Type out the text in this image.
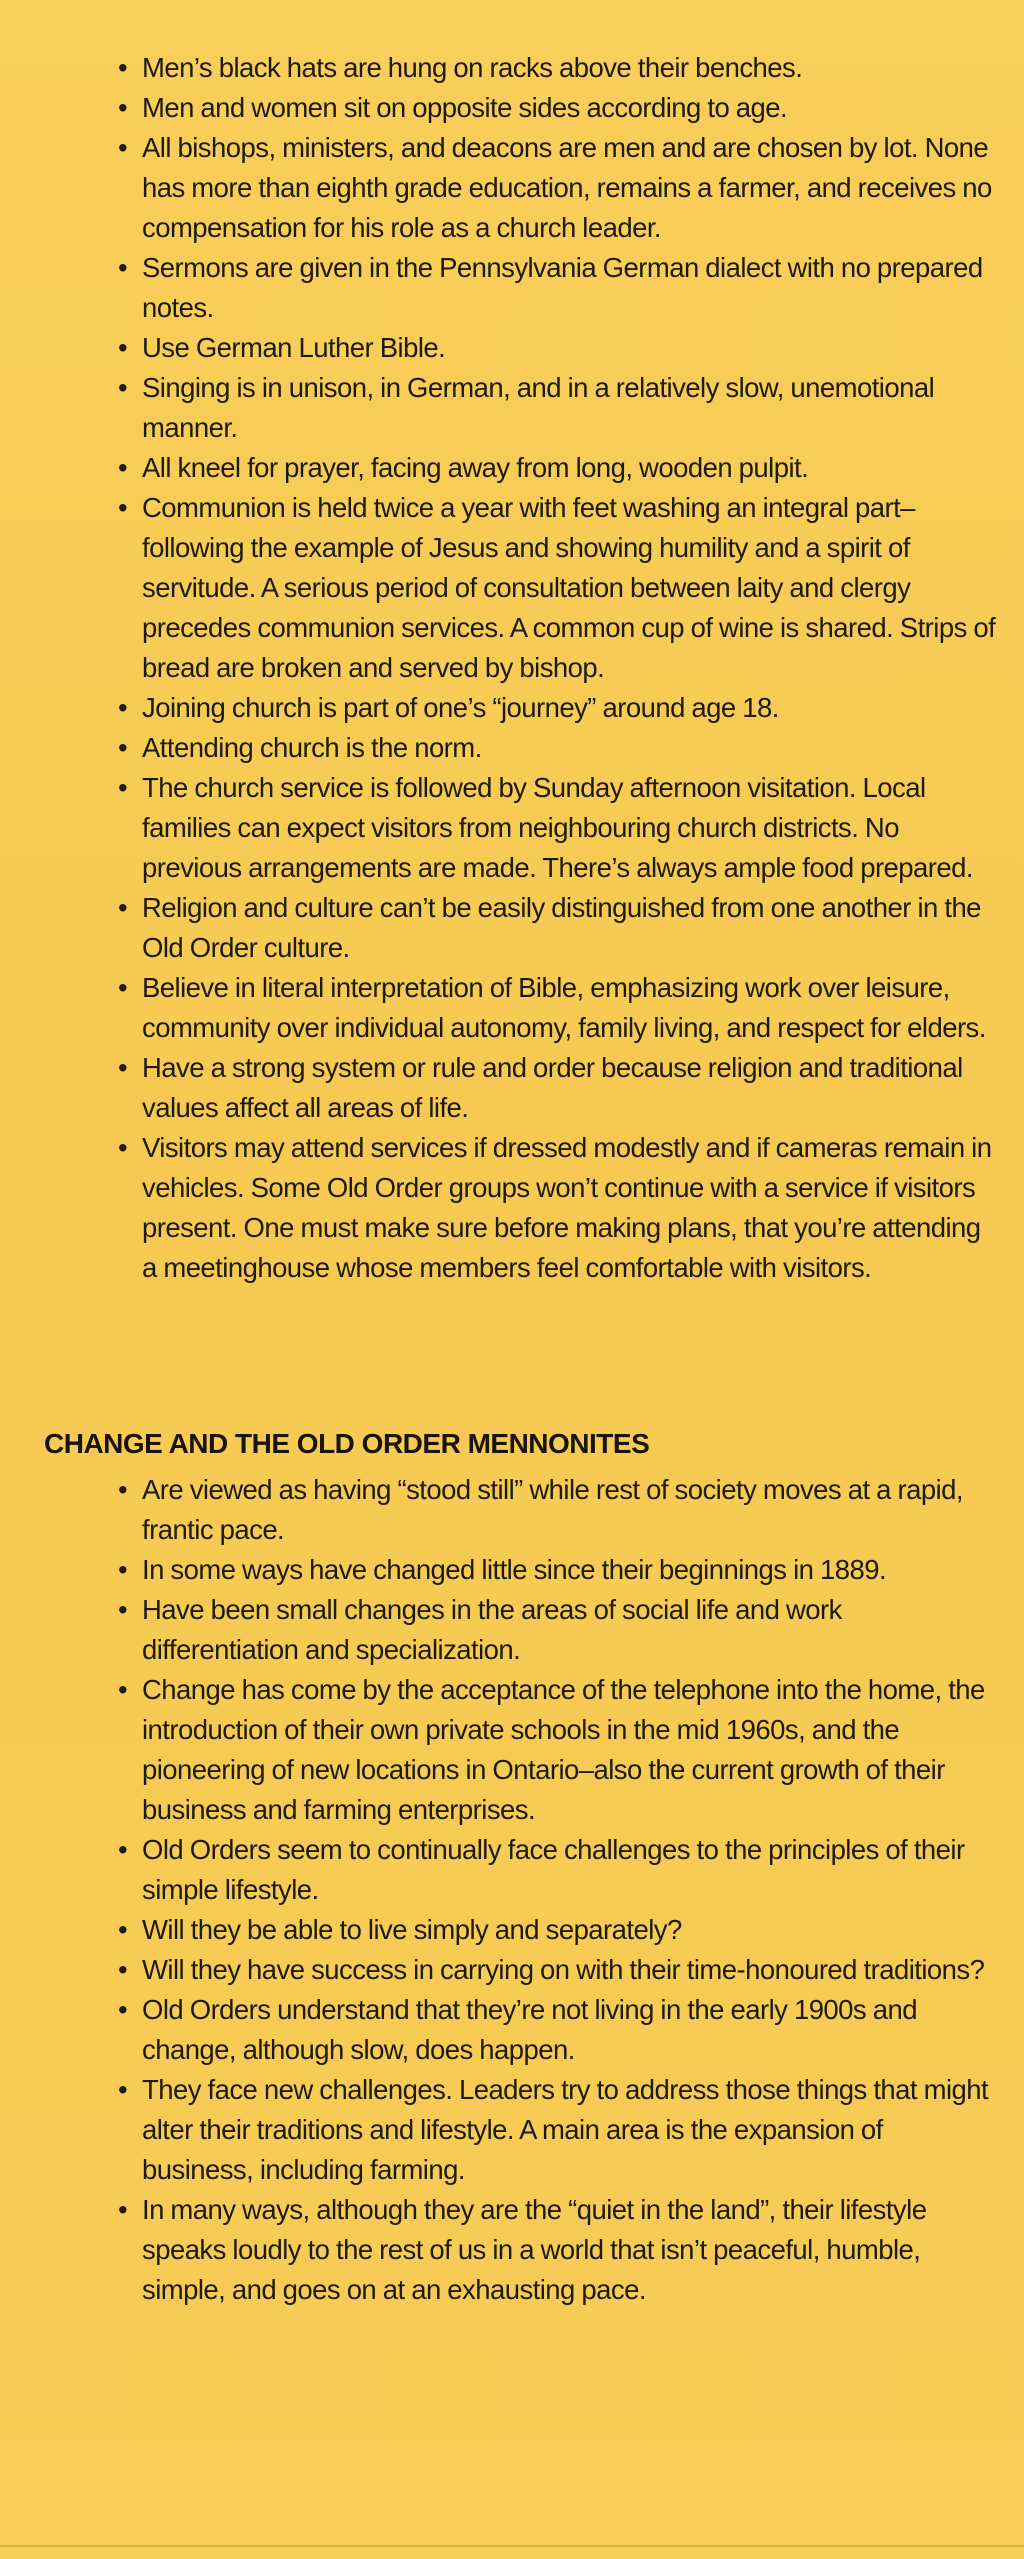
• Men’s black hats are hung on racks above their benches.
• Men and women sit on opposite sides according to age.
• All bishops, ministers, and deacons are men and are chosen by lot. None has more than eighth grade education, remains a farmer, and receives no compensation for his role as a church leader.
• Sermons are given in the Pennsylvania German dialect with no prepared notes.
• Use German Luther Bible.
• Singing is in unison, in German, and in a relatively slow, unemotional manner.
• All kneel for prayer, facing away from long, wooden pulpit.
• Communion is held twice a year with feet washing an integral part–following the example of Jesus and showing humility and a spirit of servitude. A serious period of consultation between laity and clergy precedes communion services. A common cup of wine is shared. Strips of bread are broken and served by bishop.
• Joining church is part of one’s “journey” around age 18.
• Attending church is the norm.
• The church service is followed by Sunday afternoon visitation. Local families can expect visitors from neighbouring church districts. No previous arrangements are made. There’s always ample food prepared.
• Religion and culture can’t be easily distinguished from one another in the Old Order culture.
• Believe in literal interpretation of Bible, emphasizing work over leisure, community over individual autonomy, family living, and respect for elders.
• Have a strong system or rule and order because religion and traditional values affect all areas of life.
• Visitors may attend services if dressed modestly and if cameras remain in vehicles. Some Old Order groups won’t continue with a service if visitors present. One must make sure before making plans, that you’re attending a meetinghouse whose members feel comfortable with visitors.
CHANGE AND THE OLD ORDER MENNONITES
• Are viewed as having “stood still” while rest of society moves at a rapid, frantic pace.
• In some ways have changed little since their beginnings in 1889.
• Have been small changes in the areas of social life and work differentiation and specialization.
• Change has come by the acceptance of the telephone into the home, the introduction of their own private schools in the mid 1960s, and the pioneering of new locations in Ontario–also the current growth of their business and farming enterprises.
• Old Orders seem to continually face challenges to the principles of their simple lifestyle.
• Will they be able to live simply and separately?
• Will they have success in carrying on with their time-honoured traditions?
• Old Orders understand that they’re not living in the early 1900s and change, although slow, does happen.
• They face new challenges. Leaders try to address those things that might alter their traditions and lifestyle. A main area is the expansion of business, including farming.
• In many ways, although they are the “quiet in the land”, their lifestyle speaks loudly to the rest of us in a world that isn’t peaceful, humble, simple, and goes on at an exhausting pace.
